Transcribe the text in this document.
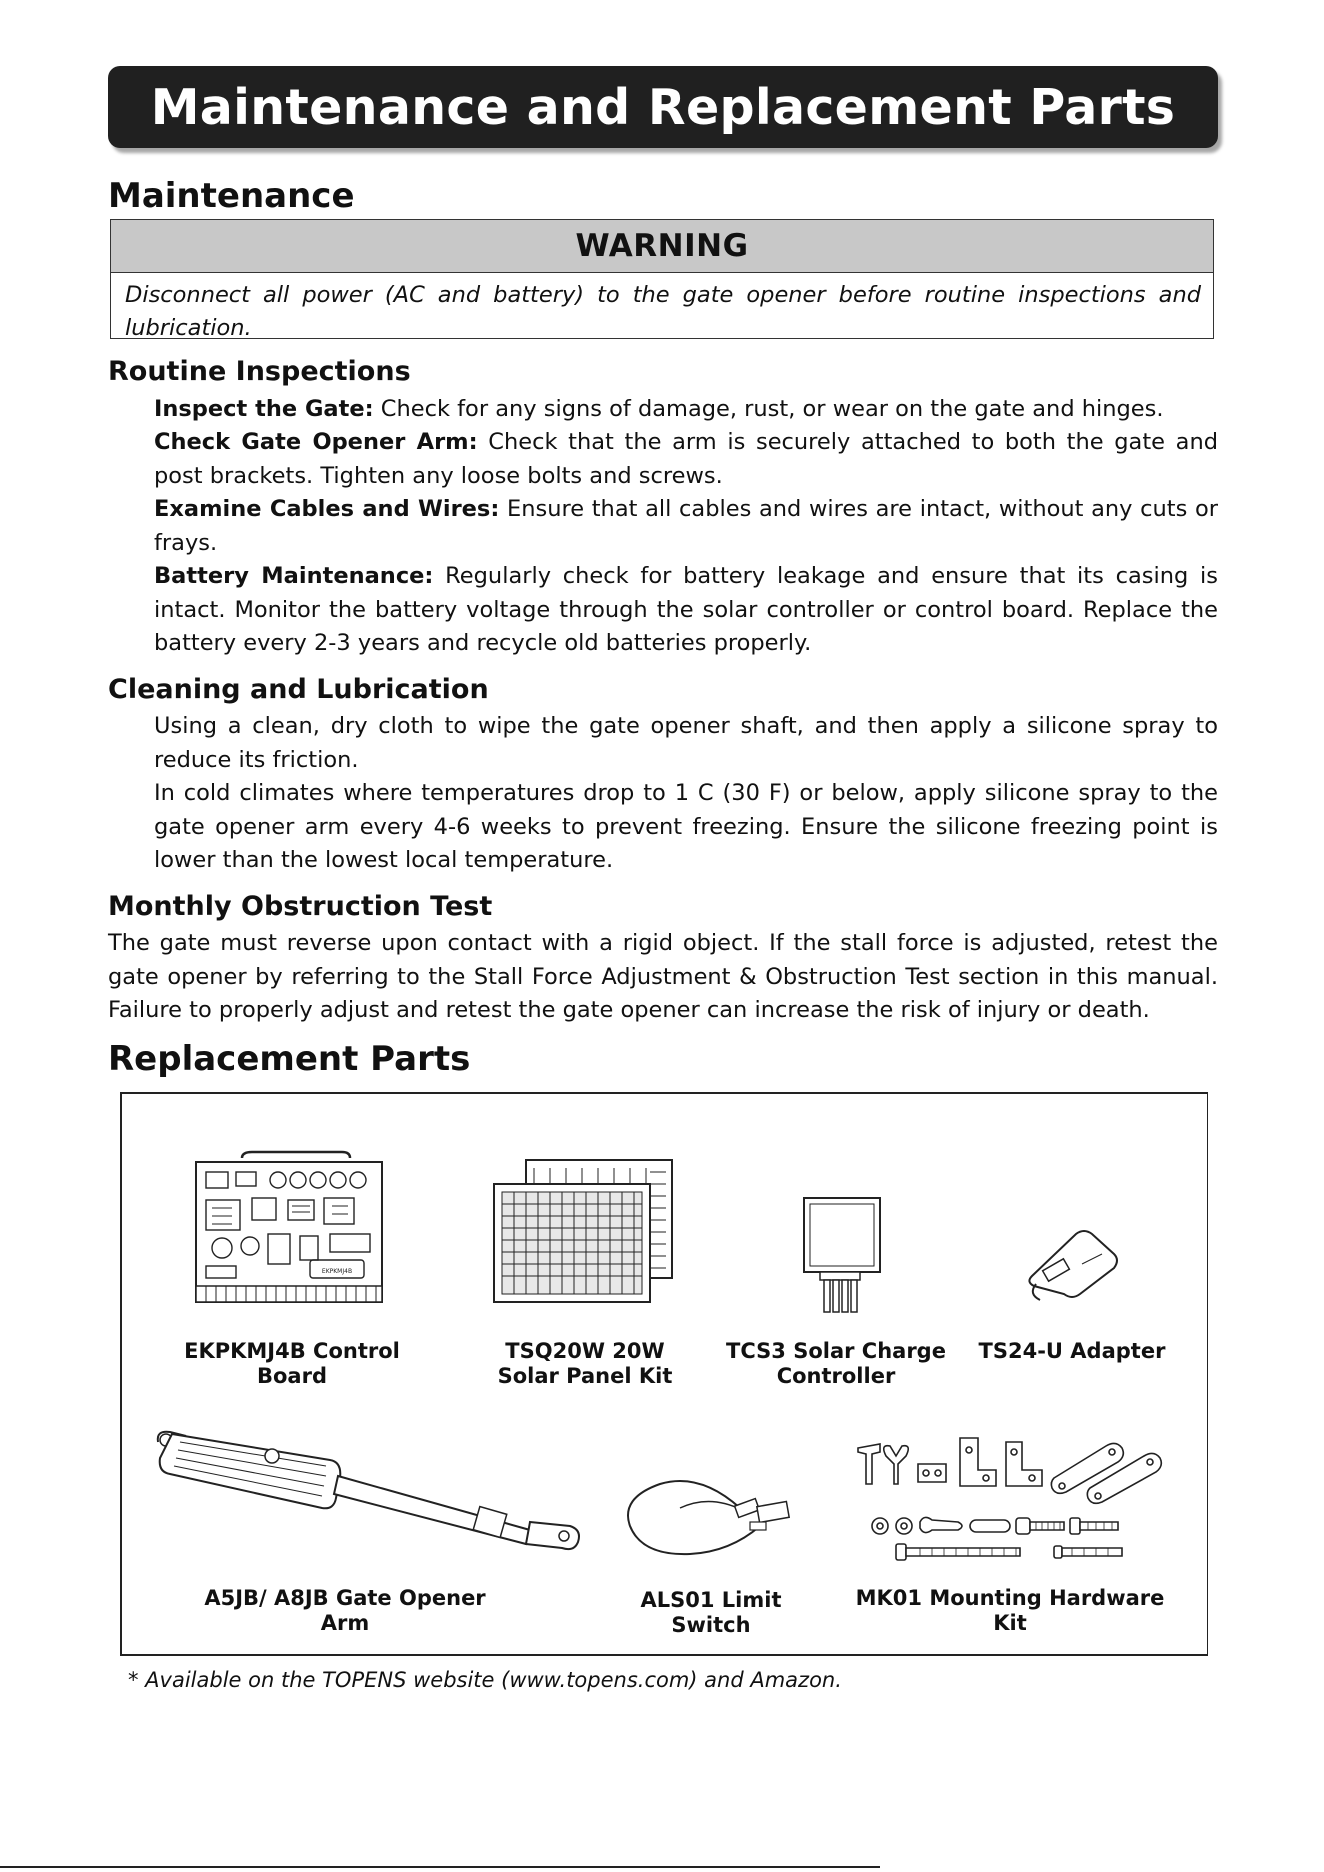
Maintenance and Replacement Parts
Maintenance
WARNING
Disconnect all power (AC and battery) to the gate opener before routine inspections and lubrication.
Routine Inspections

Inspect the Gate: Check for any signs of damage, rust, or wear on the gate and hinges.

Check Gate Opener Arm: Check that the arm is securely attached to both the gate and post brackets. Tighten any loose bolts and screws.

Examine Cables and Wires: Ensure that all cables and wires are intact, without any cuts or frays.

Battery Maintenance: Regularly check for battery leakage and ensure that its casing is intact. Monitor the battery voltage through the solar controller or control board. Replace the battery every 2-3 years and recycle old batteries properly.

Cleaning and Lubrication

Using a clean, dry cloth to wipe the gate opener shaft, and then apply a silicone spray to reduce its friction.

In cold climates where temperatures drop to 1 C (30 F) or below, apply silicone spray to the gate opener arm every 4-6 weeks to prevent freezing. Ensure the silicone freezing point is lower than the lowest local temperature.

Monthly Obstruction Test

The gate must reverse upon contact with a rigid object. If the stall force is adjusted, retest the gate opener by referring to the Stall Force Adjustment & Obstruction Test section in this manual. Failure to properly adjust and retest the gate opener can increase the risk of injury or death.

Replacement Parts
EKPKMJ4B
EKPKMJ4B Control Board
TSQ20W 20W
Solar Panel Kit
TCS3 Solar Charge
Controller
TS24-U Adapter
A5JB/ A8JB Gate Opener Arm
ALS01 Limit Switch
MK01 Mounting Hardware Kit
* Available on the TOPENS website (www.topens.com) and Amazon.
